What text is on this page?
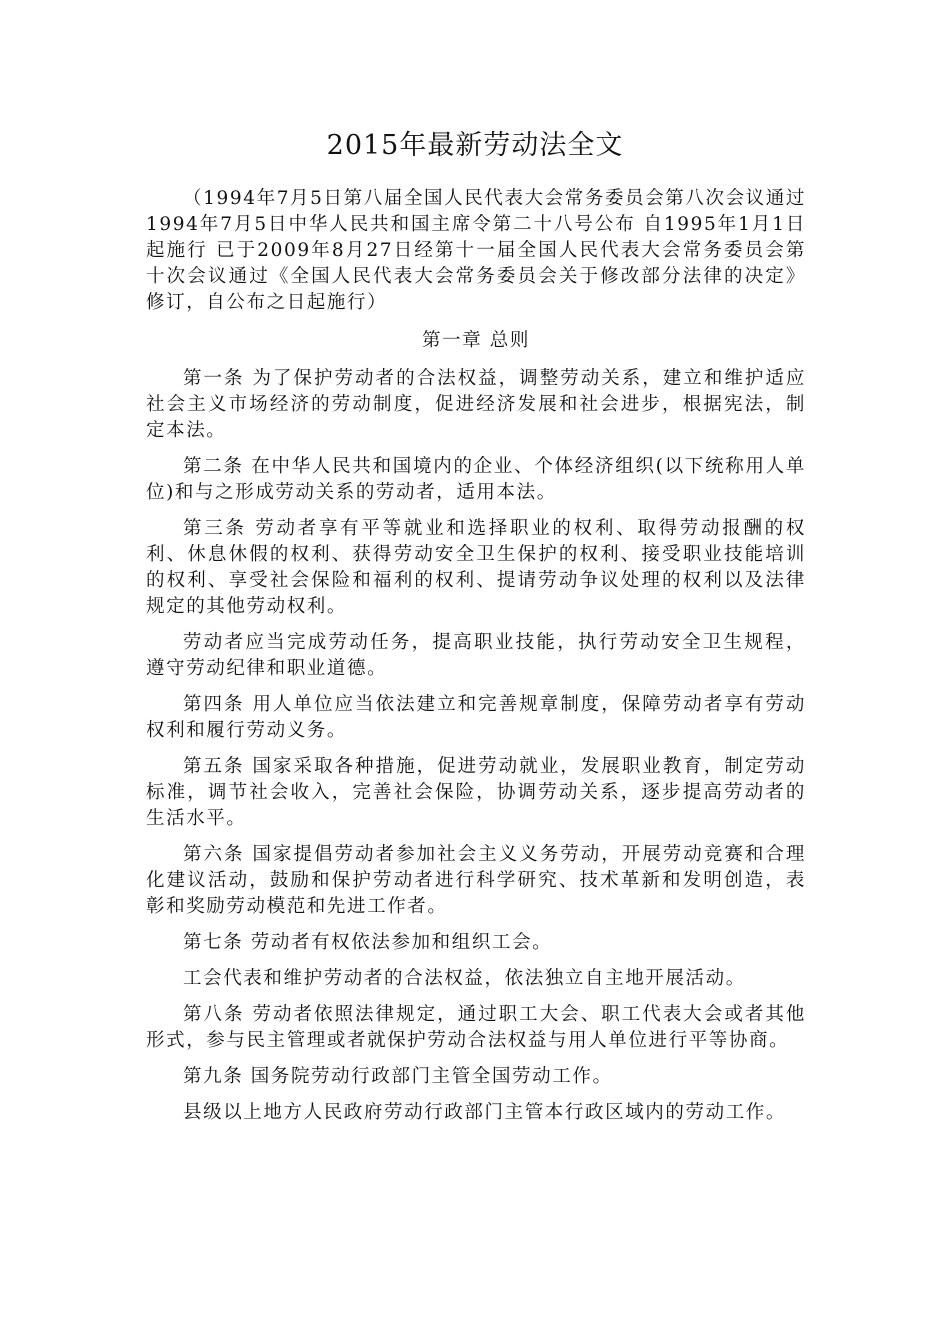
2015年最新劳动法全文

（1994年7月5日第八届全国人民代表大会常务委员会第八次会议通过 1994年7月5日中华人民共和国主席令第二十八号公布 自1995年1月1日起施行 已于2009年8月27日经第十一届全国人民代表大会常务委员会第十次会议通过《全国人民代表大会常务委员会关于修改部分法律的决定》修订，自公布之日起施行）

第一章 总则

第一条 为了保护劳动者的合法权益，调整劳动关系，建立和维护适应社会主义市场经济的劳动制度，促进经济发展和社会进步，根据宪法，制定本法。

第二条 在中华人民共和国境内的企业、个体经济组织(以下统称用人单位)和与之形成劳动关系的劳动者，适用本法。

第三条 劳动者享有平等就业和选择职业的权利、取得劳动报酬的权利、休息休假的权利、获得劳动安全卫生保护的权利、接受职业技能培训的权利、享受社会保险和福利的权利、提请劳动争议处理的权利以及法律规定的其他劳动权利。

劳动者应当完成劳动任务，提高职业技能，执行劳动安全卫生规程，遵守劳动纪律和职业道德。

第四条 用人单位应当依法建立和完善规章制度，保障劳动者享有劳动权利和履行劳动义务。

第五条 国家采取各种措施，促进劳动就业，发展职业教育，制定劳动标准，调节社会收入，完善社会保险，协调劳动关系，逐步提高劳动者的生活水平。

第六条 国家提倡劳动者参加社会主义义务劳动，开展劳动竞赛和合理化建议活动，鼓励和保护劳动者进行科学研究、技术革新和发明创造，表彰和奖励劳动模范和先进工作者。

第七条 劳动者有权依法参加和组织工会。

工会代表和维护劳动者的合法权益，依法独立自主地开展活动。

第八条 劳动者依照法律规定，通过职工大会、职工代表大会或者其他形式，参与民主管理或者就保护劳动合法权益与用人单位进行平等协商。

第九条 国务院劳动行政部门主管全国劳动工作。

县级以上地方人民政府劳动行政部门主管本行政区域内的劳动工作。
